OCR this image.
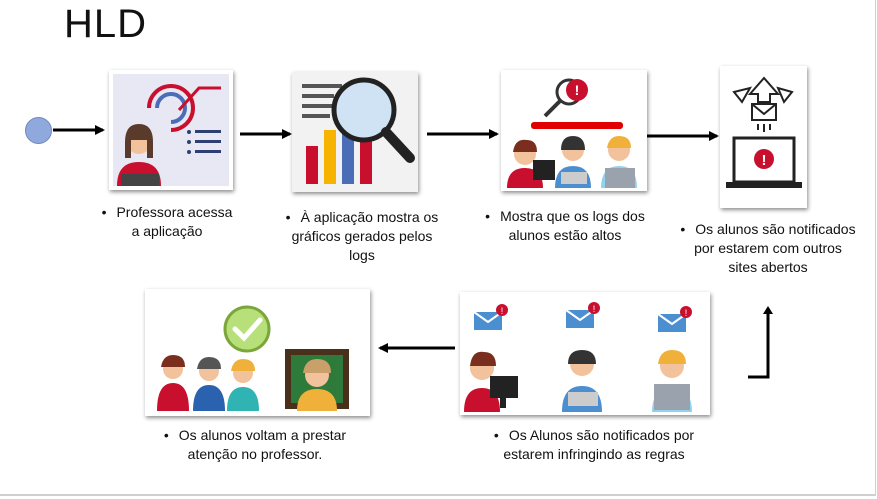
HLD
!
!
!	!	!
• Professora acessa
a aplicação
• À aplicação mostra os
gráficos gerados pelos
logs
• Mostra que os logs dos
alunos estão altos	• Os alunos são notificados
por estarem com outros
sites abertos
• Os Alunos são notificados por
estarem infringindo as regras
• Os alunos voltam a prestar
atenção no professor.
